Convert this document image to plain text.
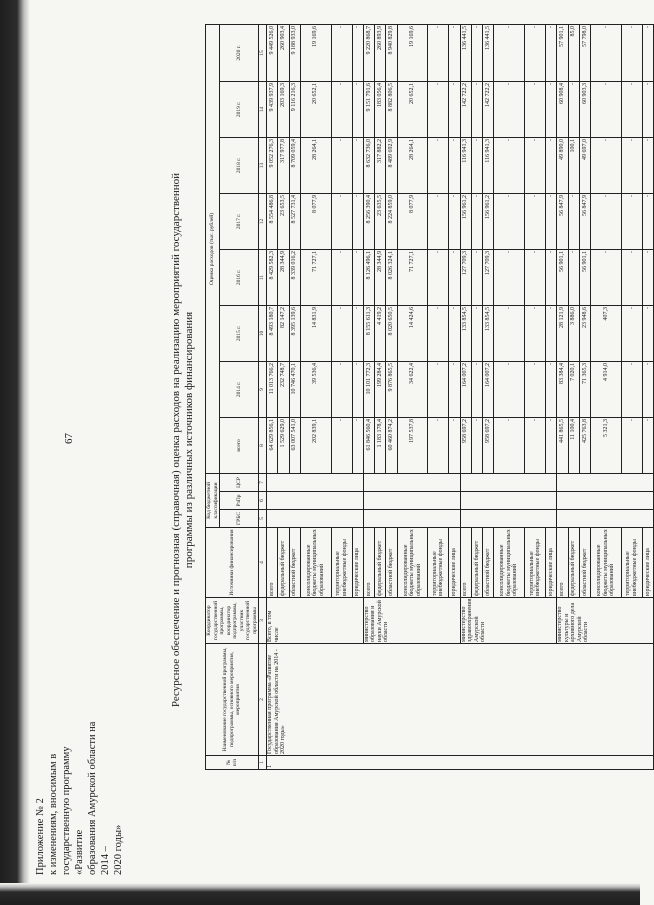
67
Приложение № 2 к изменениям, вносимым в государственную программу «Развитие образования Амурской области на 2014 – 2020 годы»
Ресурсное обеспечение и прогнозная (справочная) оценка расходов на реализацию мероприятий государственной программы из различных источников финансирования
№ п/п	Наименование государственной программы, подпрограммы, основного мероприятия, мероприятия	Координатор государственной программы, координатор подпрограммы, участник государственной программы	Источники финансирования	Код бюджетной классификации			Оценка расходов (тыс. рублей)							
				ГРБС	РзПр	ЦСР	всего	2014 г.	2015 г.	2016 г.	2017 г.	2018 г.	2019 г.	2020 г.

1	2	3	4	5	6	7	8	9	10	11	12	13	14	15
1	Государственная программа «Развитие образования Амурской области на 2014 - 2020 годы»	Всего, в том числе	всего				64 629 856,1	11 013 766,2	8 493 180,7	8 429 582,3	8 554 486,8	9 052 276,3	9 439 937,9	9 449 526,0
			федеральный бюджет				1 529 629,0	232 748,7	82 147,2	28 344,9	23 653,5	317 977,8	203 169,3	260 903,4
			областной бюджет				63 007 541,0	10 746 470,1	8 395 139,6	8 339 016,2	8 527 731,4	8 709 059,4	9 116 216,3	9 188 933,0
			консолидированные бюджеты муниципальных образований				202 839,1	39 536,4	14 831,9	71 727,1	8 077,9	28 264,1	20 652,1	19 169,6
			территориальные внебюджетные фонды				-	-	-	-	-	-	-	-
			юридические лица				-	-	-	-	-	-	-	-
		министерство образования и науки Амурской области	всего				61 846 560,4	10 101 772,3	8 155 611,3	8 126 496,1	8 256 390,4	8 632 736,0	9 151 791,6	9 220 868,7
			федеральный бюджет				1 183 178,4	199 284,4	4 419,2	28 344,9	23 635,5	317 882,2	183 056,4	260 893,9
			областной бюджет				60 460 874,2	9 876 865,5	8 020 650,5	8 026 324,1	8 224 859,0	8 489 692,9	8 882 806,5	8 940 829,8
			консолидированные бюджеты муниципальных образований				197 537,8	34 622,4	14 424,6	71 727,1	8 077,9	28 264,1	20 652,1	19 169,6
			территориальные внебюджетные фонды				-	-	-	-	-	-	-	-
			юридические лица				-	-	-	-	-	-	-	-
		министерство здравоохранения Амурской области	всего				958 697,2	164 007,2	133 854,5	127 709,3	156 961,2	116 941,3	142 722,2	136 441,5
			федеральный бюджет				-	-	-	-	-	-	-	-
			областной бюджет				958 697,2	164 007,2	133 854,5	127 709,3	156 961,2	116 941,3	142 722,2	136 441,5
			консолидированные бюджеты муниципальных образований				-	-	-	-	-	-	-	-
			территориальные внебюджетные фонды				-	-	-	-	-	-	-	-
			юридические лица				-	-	-	-	-	-	-	-
		министерство культуры и архивного дела Амурской области	всего				441 865,5	83 384,4	28 121,9	56 901,1	56 847,9	49 890,0	60 908,4	57 901,1
			федеральный бюджет				11 100,4	7 020,1	3 886,0	-	-	100,1	-	85,0
			областной бюджет				425 763,8	71 365,3	23 948,6	56 901,1	56 847,9	49 697,0	60 903,3	57 798,0
			консолидированные бюджеты муниципальных образований				5 321,3	4 914,0	407,3	-	-	-	-	-
			территориальные внебюджетные фонды				-	-	-	-	-	-	-	-
			юридические лица				-	-	-	-	-	-	-	-
